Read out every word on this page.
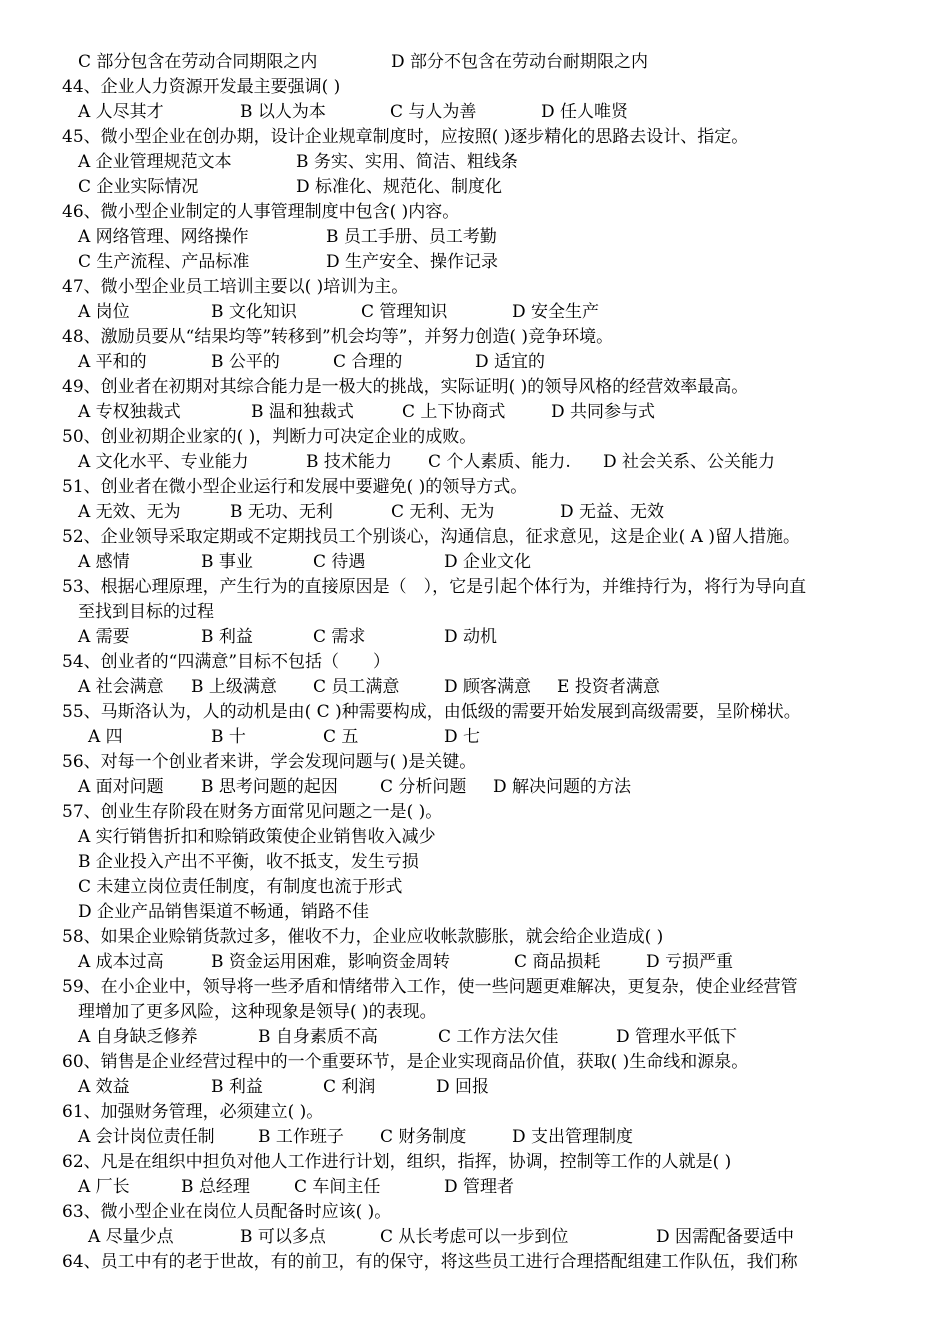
C 部分包含在劳动合同期限之内	D 部分不包含在劳动台耐期限之内
44、企业人力资源开发最主要强调( )
A 人尽其才	B 以人为本	C 与人为善	D 任人唯贤
45、微小型企业在创办期，设计企业规章制度时，应按照( )逐步精化的思路去设计、指定。
A 企业管理规范文本	B 务实、实用、简洁、粗线条
C 企业实际情况	D 标准化、规范化、制度化
46、微小型企业制定的人事管理制度中包含( )内容。
A 网络管理、网络操作	B 员工手册、员工考勤
C 生产流程、产品标准	D 生产安全、操作记录
47、微小型企业员工培训主要以( )培训为主。
A 岗位	B 文化知识	C 管理知识	D 安全生产
48、激励员要从“结果均等”转移到”机会均等”，并努力创造( )竞争环境。
A 平和的	B 公平的	C 合理的	D 适宜的
49、创业者在初期对其综合能力是一极大的挑战，实际证明( )的领导风格的经营效率最高。
A 专权独裁式	B 温和独裁式	C 上下协商式	D 共同参与式
50、创业初期企业家的( )，判断力可决定企业的成败。
A 文化水平、专业能力	B 技术能力 C 个人素质、能力. D 社会关系、公关能力
51、创业者在微小型企业运行和发展中要避免( )的领导方式。
A 无效、无为	B 无功、无利	C 无利、无为	D 无益、无效
52、企业领导采取定期或不定期找员工个别谈心，沟通信息，征求意见，这是企业( A )留人措施。
A 感情	B 事业	C 待遇	D 企业文化
53、根据心理原理，产生行为的直接原因是（　），它是引起个体行为，并维持行为，将行为导向直
至找到目标的过程
A 需要	B 利益	C 需求	D 动机
54、创业者的“四满意”目标不包括（　　）
A 社会满意 B 上级满意 C 员工满意	D 顾客满意 E 投资者满意
55、马斯洛认为，人的动机是由( C )种需要构成，由低级的需要开始发展到高级需要，呈阶梯状。
A 四	B 十	C 五	D 七
56、对每一个创业者来讲，学会发现问题与( )是关键。
A 面对问题 B 思考问题的起因 C 分析问题 D 解决问题的方法
57、创业生存阶段在财务方面常见问题之一是( )。
A 实行销售折扣和赊销政策使企业销售收入减少
B 企业投入产出不平衡，收不抵支，发生亏损
C 未建立岗位责任制度，有制度也流于形式
D 企业产品销售渠道不畅通，销路不佳
58、如果企业赊销货款过多，催收不力，企业应收帐款膨胀，就会给企业造成( )
A 成本过高	B 资金运用困难，影响资金周转	C 商品损耗	D 亏损严重
59、在小企业中，领导将一些矛盾和情绪带入工作，使一些问题更难解决，更复杂，使企业经营管
理增加了更多风险，这种现象是领导( )的表现。
A 自身缺乏修养	B 自身素质不高	C 工作方法欠佳	D 管理水平低下
60、销售是企业经营过程中的一个重要环节，是企业实现商品价值，获取( )生命线和源泉。
A 效益	B 利益	C 利润	D 回报
61、加强财务管理，必须建立( )。
A 会计岗位责任制	B 工作班子 C 财务制度	D 支出管理制度
62、凡是在组织中担负对他人工作进行计划，组织，指挥，协调，控制等工作的人就是( )
A 厂长	B 总经理	C 车间主任	D 管理者
63、微小型企业在岗位人员配备时应该( )。
A 尽量少点	B 可以多点	C 从长考虑可以一步到位	D 因需配备要适中
64、员工中有的老于世故，有的前卫，有的保守，将这些员工进行合理搭配组建工作队伍，我们称
